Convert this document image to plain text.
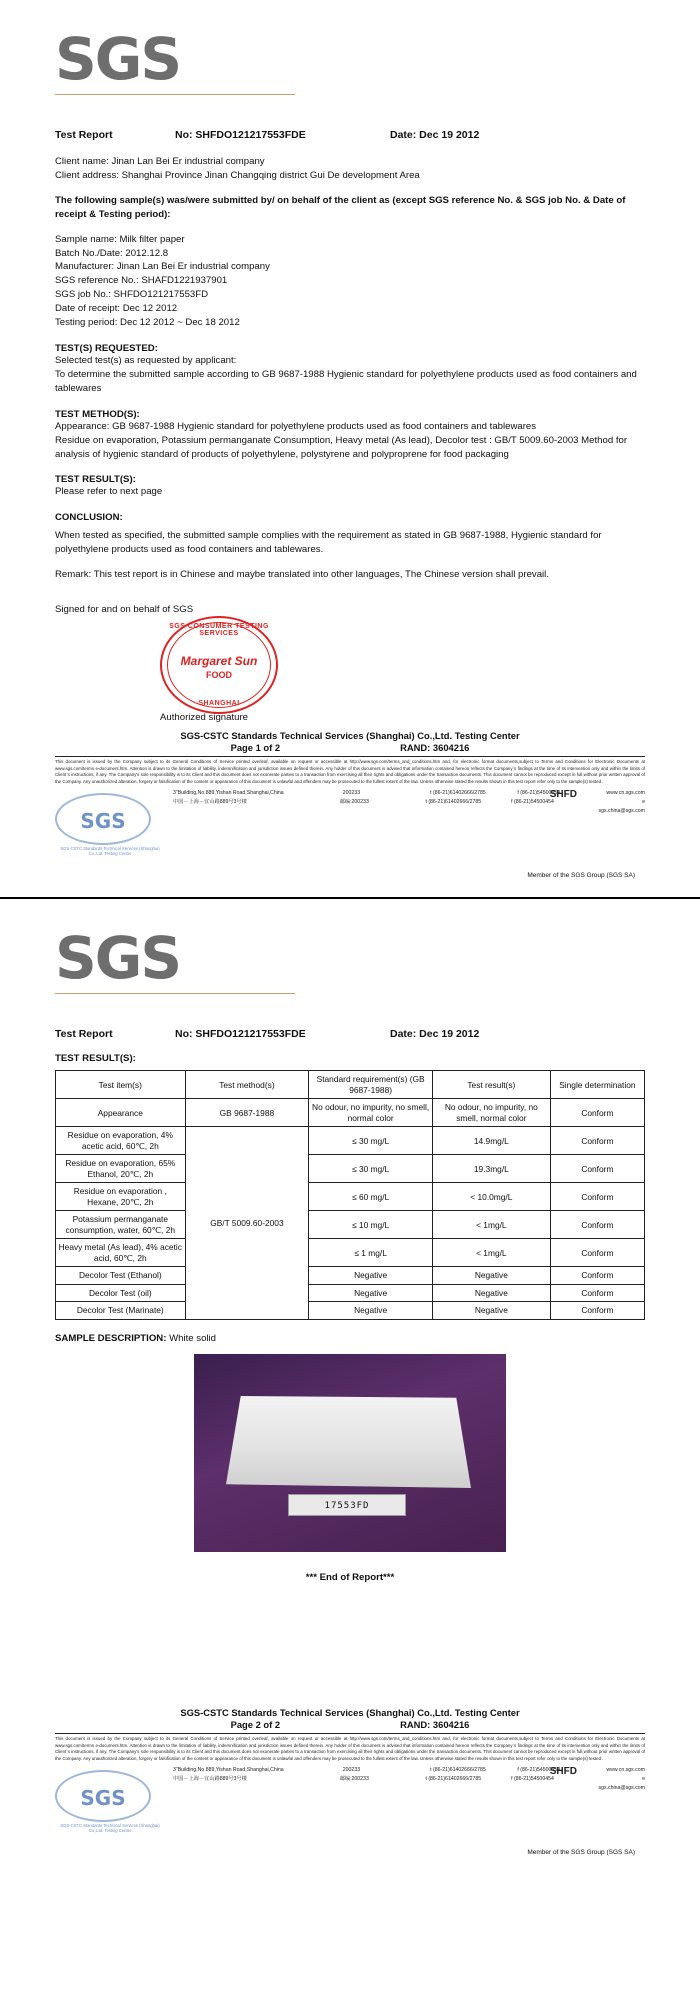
SGS
Test Report	No: SHFDO121217553FDE	Date: Dec 19 2012
Client name: Jinan Lan Bei Er industrial company
Client address: Shanghai Province Jinan Changqing district Gui De development Area
The following sample(s) was/were submitted by/ on behalf of the client as (except SGS reference No. & SGS job No. & Date of receipt & Testing period):
Sample name: Milk filter paper
Batch No./Date: 2012.12.8
Manufacturer: Jinan Lan Bei Er industrial company
SGS reference No.: SHAFD1221937901
SGS job No.: SHFDO121217553FD
Date of receipt: Dec 12 2012
Testing period: Dec 12 2012 ~ Dec 18 2012
TEST(S) REQUESTED:
Selected test(s) as requested by applicant:
To determine the submitted sample according to GB 9687-1988 Hygienic standard for polyethylene products used as food containers and tablewares
TEST METHOD(S):
Appearance: GB 9687-1988 Hygienic standard for polyethylene products used as food containers and tablewares
Residue on evaporation, Potassium permanganate Consumption, Heavy metal (As lead), Decolor test : GB/T 5009.60-2003 Method for analysis of hygienic standard of products of polyethylene, polystyrene and polyproprene for food packaging
TEST RESULT(S):
Please refer to next page
CONCLUSION:
When tested as specified, the submitted sample complies with the requirement as stated in GB 9687-1988, Hygienic standard for polyethylene products used as food containers and tablewares.
Remark: This test report is in Chinese and maybe translated into other languages, The Chinese version shall prevail.
Signed for and on behalf of SGS
SGS CONSUMER TESTING SERVICES
Margaret Sun
FOOD
SHANGHAI
Authorized signature
SGS-CSTC Standards Technical Services (Shanghai) Co.,Ltd. Testing Center
Page 1 of 2	RAND: 3604216
This document is issued by the Company subject to its General Conditions of Service printed overleaf, available on request or accessible at http://www.sgs.com/terms_and_conditions.htm and, for electronic format documents,subject to Terms and Conditions for Electronic Documents at www.sgs.com/terms e-document.htm. Attention is drawn to the limitation of liability, indemnification and jurisdiction issues defined therein. Any holder of this document is advised that information contained hereon reflects the Company`s findings at the time of its intervention only and within the limits of Client`s instructions, if any. The Company's sole responsibility is to its Client and this document does not exonerate parties to a transaction from exercising all their rights and obligations under the transaction documents. This document cannot be reproduced except in full,without prior written approval of the Company. Any unauthorized alteration, forgery or falsification of the content or appearance of this document is unlawful and offenders may be prosecuted to the fullest extent of the law. Unless otherwise stated the results shown in this test report refer only to the sample(s) tested .
SGS
SGS-CSTC Standards Technical Services (Shanghai) Co.,Ltd. Testing Center
SHFD
3"Building,No.889,Yishan Road,Shanghai,China	200233	t (86-21)61402666/2785	f (86-21)54500454	www.cn.sgs.com
中国－上海－宜山路889号3号楼	邮编:200233	t (86-21)61402666/2785	f (86-21)54500454	e sgs.china@sgs.com
Member of the SGS Group (SGS SA)
SGS
Test Report	No: SHFDO121217553FDE	Date: Dec 19 2012
TEST RESULT(S):
Test item(s)	Test method(s)	Standard requirement(s) (GB 9687-1988)	Test result(s)	Single determination
Appearance	GB 9687-1988	No odour, no impurity, no smell, normal color	No odour, no impurity, no smell, normal color	Conform
Residue on evaporation, 4% acetic acid, 60℃, 2h	GB/T 5009.60-2003	≤ 30 mg/L	14.9mg/L	Conform
Residue on evaporation, 65% Ethanol, 20℃, 2h		≤ 30 mg/L	19.3mg/L	Conform
Residue on evaporation , Hexane, 20℃, 2h		≤ 60 mg/L	< 10.0mg/L	Conform
Potassium permanganate consumption, water, 60℃, 2h		≤ 10 mg/L	< 1mg/L	Conform
Heavy metal (As lead), 4% acetic acid, 60℃, 2h		≤ 1 mg/L	< 1mg/L	Conform
Decolor Test (Ethanol)		Negative	Negative	Conform
Decolor Test (oil)		Negative	Negative	Conform
Decolor Test (Marinate)		Negative	Negative	Conform
SAMPLE DESCRIPTION: White solid
17553FD
*** End of Report***
SGS-CSTC Standards Technical Services (Shanghai) Co.,Ltd. Testing Center
Page 2 of 2	RAND: 3604216
This document is issued by the Company subject to its General Conditions of Service printed overleaf, available on request or accessible at http://www.sgs.com/terms_and_conditions.htm and, for electronic format documents,subject to Terms and Conditions for Electronic Documents at www.sgs.com/terms e-document.htm. Attention is drawn to the limitation of liability, indemnification and jurisdiction issues defined therein. Any holder of this document is advised that information contained hereon reflects the Company`s findings at the time of its intervention only and within the limits of Client`s instructions, if any. The Company's sole responsibility is to its Client and this document does not exonerate parties to a transaction from exercising all their rights and obligations under the transaction documents. This document cannot be reproduced except in full,without prior written approval of the Company. Any unauthorized alteration, forgery or falsification of the content or appearance of this document is unlawful and offenders may be prosecuted to the fullest extent of the law. Unless otherwise stated the results shown in this test report refer only to the sample(s) tested .
SGS
SGS-CSTC Standards Technical Services (Shanghai) Co.,Ltd. Testing Center
SHFD
3"Building,No.889,Yishan Road,Shanghai,China	200233	t (86-21)61402666/2785	f (86-21)54500454	www.cn.sgs.com
中国－上海－宜山路889号3号楼	邮编:200233	t (86-21)61402666/2785	f (86-21)54500454	e sgs.china@sgs.com
Member of the SGS Group (SGS SA)
